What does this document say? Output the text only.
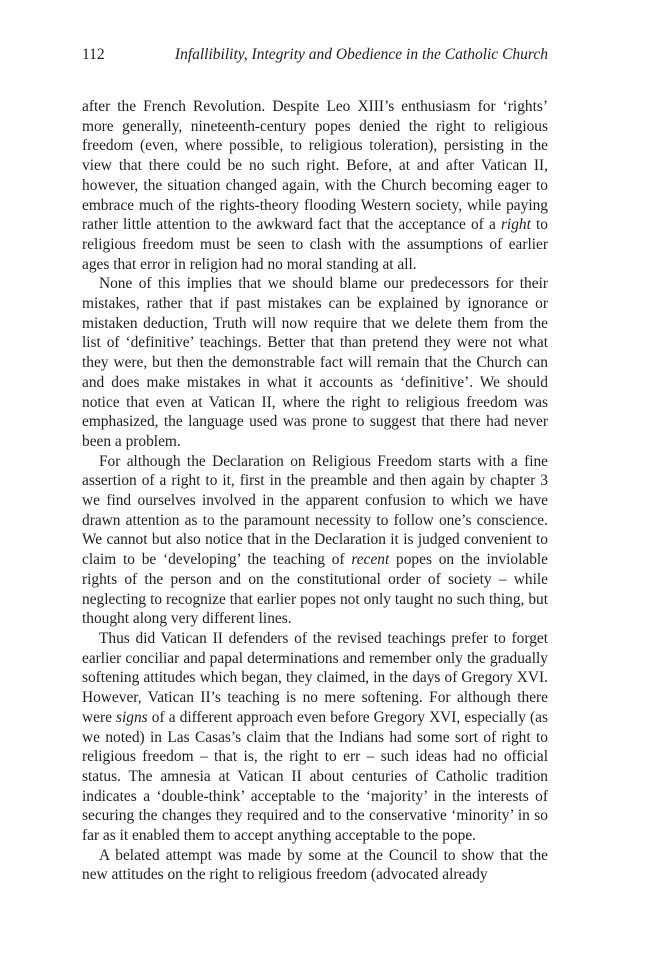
112	Infallibility, Integrity and Obedience in the Catholic Church

after the French Revolution. Despite Leo XIII’s enthusiasm for ‘rights’ more generally, nineteenth-century popes denied the right to religious freedom (even, where possible, to religious toleration), persisting in the view that there could be no such right. Before, at and after Vatican II, however, the situation changed again, with the Church becoming eager to embrace much of the rights-theory flooding Western society, while paying rather little attention to the awkward fact that the acceptance of a right to religious freedom must be seen to clash with the assumptions of earlier ages that error in religion had no moral standing at all.

None of this implies that we should blame our predecessors for their mistakes, rather that if past mistakes can be explained by ignorance or mistaken deduction, Truth will now require that we delete them from the list of ‘definitive’ teachings. Better that than pretend they were not what they were, but then the demonstrable fact will remain that the Church can and does make mistakes in what it accounts as ‘definitive’. We should notice that even at Vatican II, where the right to religious freedom was emphasized, the language used was prone to suggest that there had never been a problem.

For although the Declaration on Religious Freedom starts with a fine assertion of a right to it, first in the preamble and then again by chapter 3 we find ourselves involved in the apparent confusion to which we have drawn attention as to the paramount necessity to follow one’s conscience. We cannot but also notice that in the Declaration it is judged convenient to claim to be ‘developing’ the teaching of recent popes on the inviolable rights of the person and on the constitutional order of society – while neglecting to recognize that earlier popes not only taught no such thing, but thought along very different lines.

Thus did Vatican II defenders of the revised teachings prefer to forget earlier conciliar and papal determinations and remember only the gradually softening attitudes which began, they claimed, in the days of Gregory XVI. However, Vatican II’s teaching is no mere softening. For although there were signs of a different approach even before Gregory XVI, especially (as we noted) in Las Casas’s claim that the Indians had some sort of right to religious freedom – that is, the right to err – such ideas had no official status. The amnesia at Vatican II about centuries of Catholic tradition indicates a ‘double-think’ acceptable to the ‘majority’ in the interests of securing the changes they required and to the conservative ‘minority’ in so far as it enabled them to accept anything acceptable to the pope.

A belated attempt was made by some at the Council to show that the new attitudes on the right to religious freedom (advocated already
